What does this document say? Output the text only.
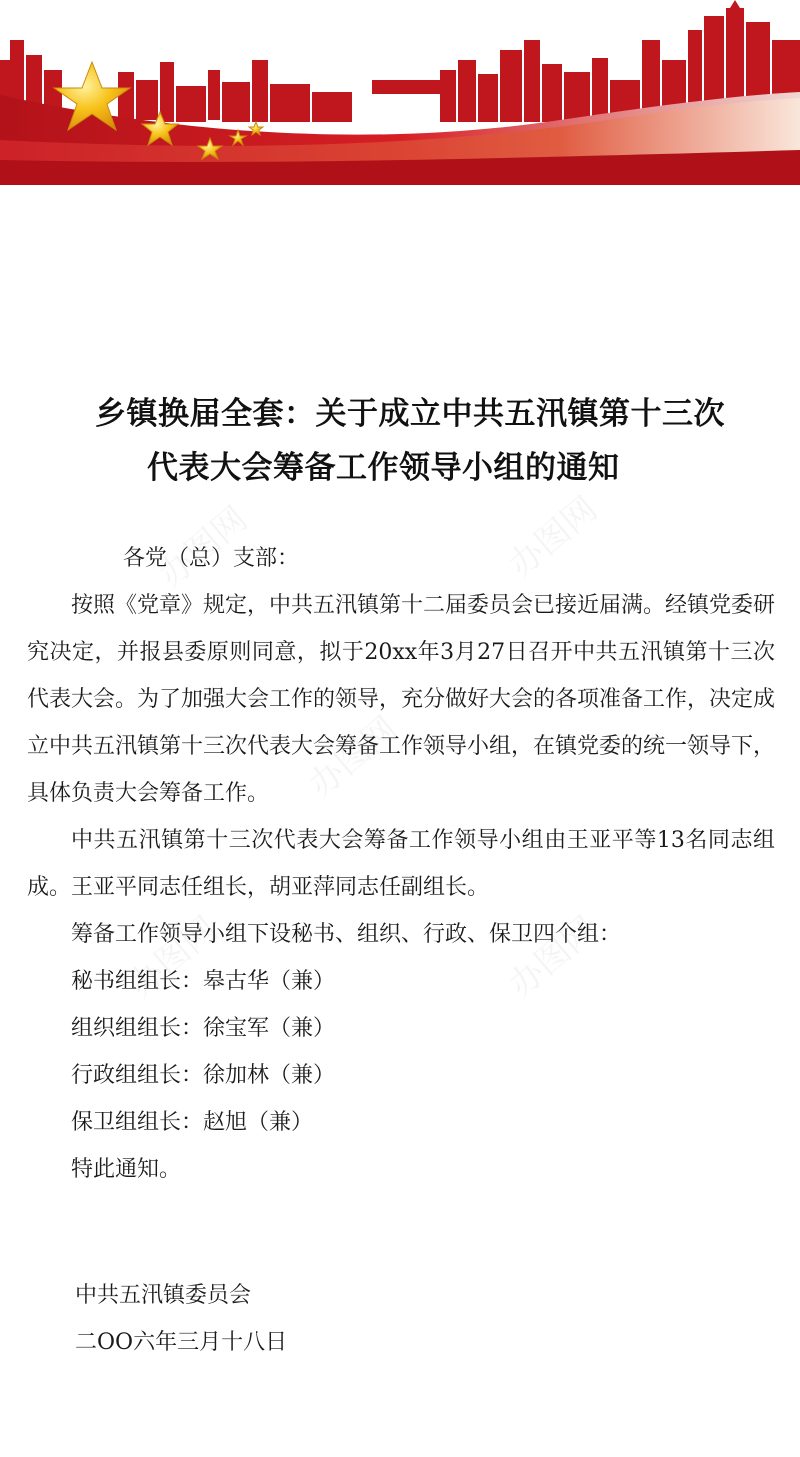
乡镇换届全套：关于成立中共五汛镇第十三次
代表大会筹备工作领导小组的通知

各党（总）支部：

按照《党章》规定，中共五汛镇第十二届委员会已接近届满。经镇党委研究决定，并报县委原则同意，拟于20xx年3月27日召开中共五汛镇第十三次代表大会。为了加强大会工作的领导，充分做好大会的各项准备工作，决定成立中共五汛镇第十三次代表大会筹备工作领导小组，在镇党委的统一领导下，具体负责大会筹备工作。

中共五汛镇第十三次代表大会筹备工作领导小组由王亚平等13名同志组成。王亚平同志任组长，胡亚萍同志任副组长。

筹备工作领导小组下设秘书、组织、行政、保卫四个组：

秘书组组长：皋古华（兼）

组织组组长：徐宝军（兼）

行政组组长：徐加林（兼）

保卫组组长：赵旭（兼）

特此通知。

中共五汛镇委员会
二OO六年三月十八日
